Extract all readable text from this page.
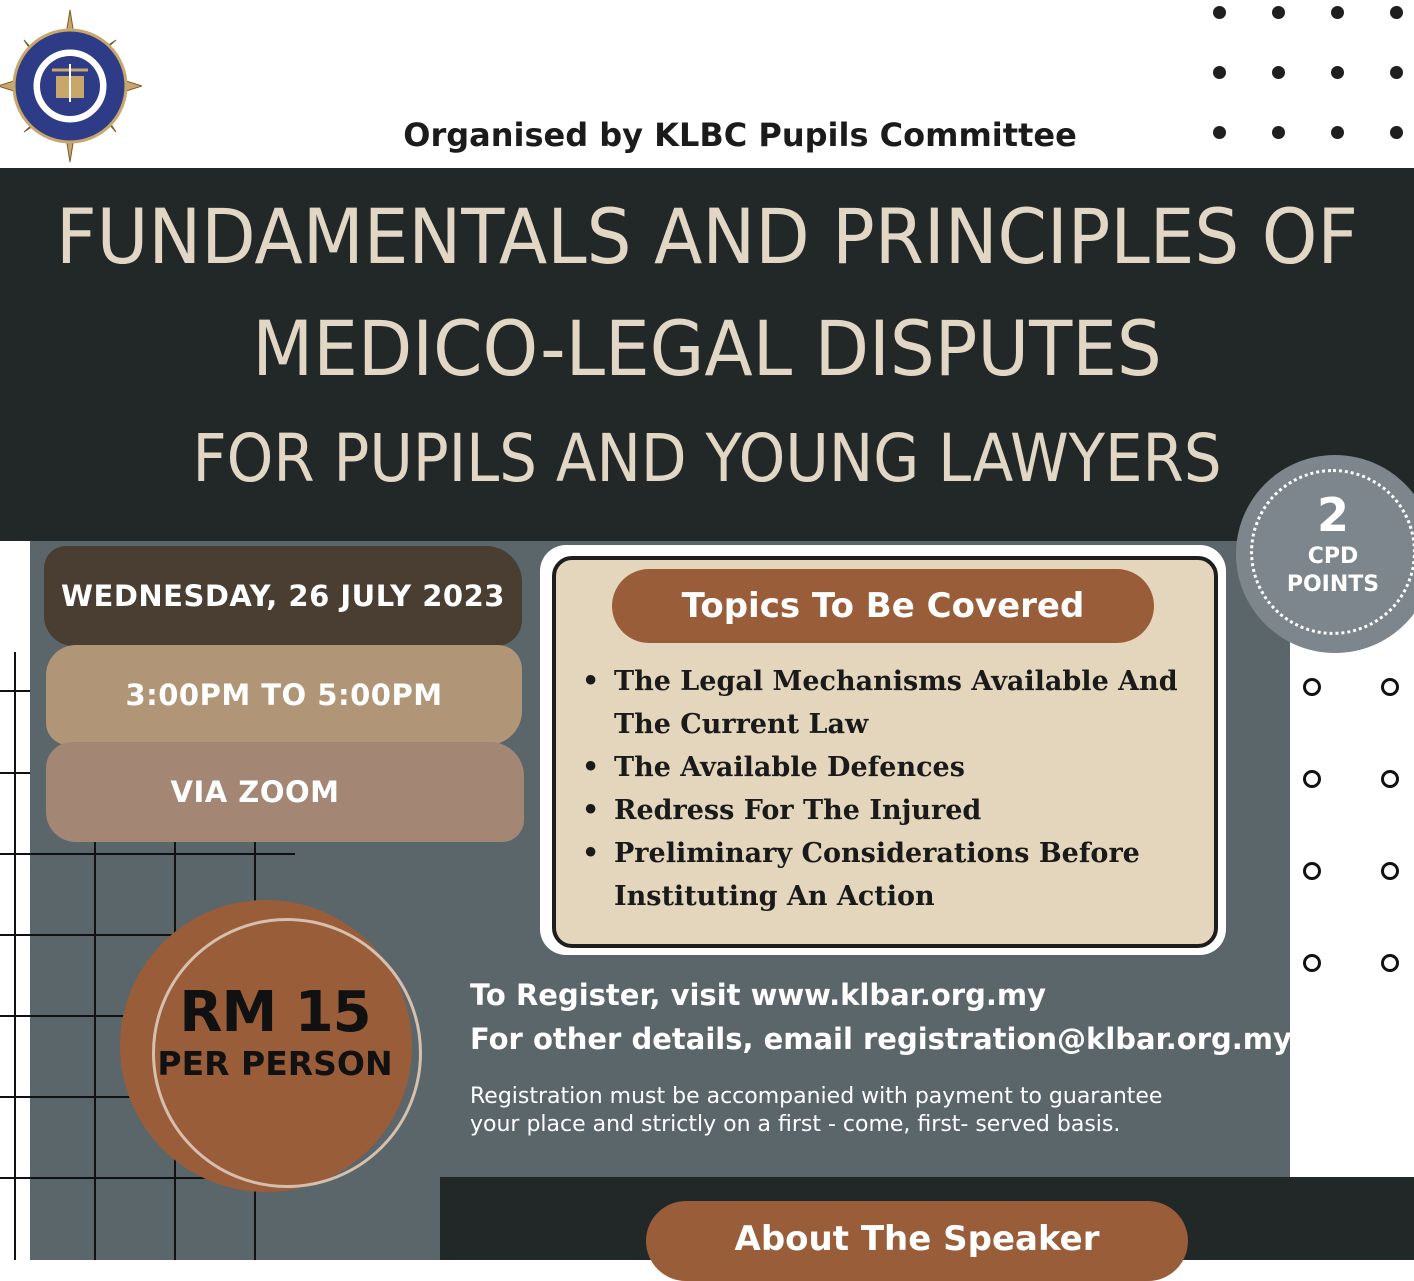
Organised by KLBC Pupils Committee
FUNDAMENTALS AND PRINCIPLES OF
MEDICO-LEGAL DISPUTES
FOR PUPILS AND YOUNG LAWYERS
WEDNESDAY, 26 JULY 2023
3:00PM TO 5:00PM
VIA ZOOM
Topics To Be Covered
• The Legal Mechanisms Available And The Current Law
• The Available Defences
• Redress For The Injured
• Preliminary Considerations Before Instituting An Action
2
CPD
POINTS
RM 15
PER PERSON
To Register, visit www.klbar.org.my
For other details, email registration@klbar.org.my
Registration must be accompanied with payment to guarantee
your place and strictly on a first - come, first- served basis.
About The Speaker
